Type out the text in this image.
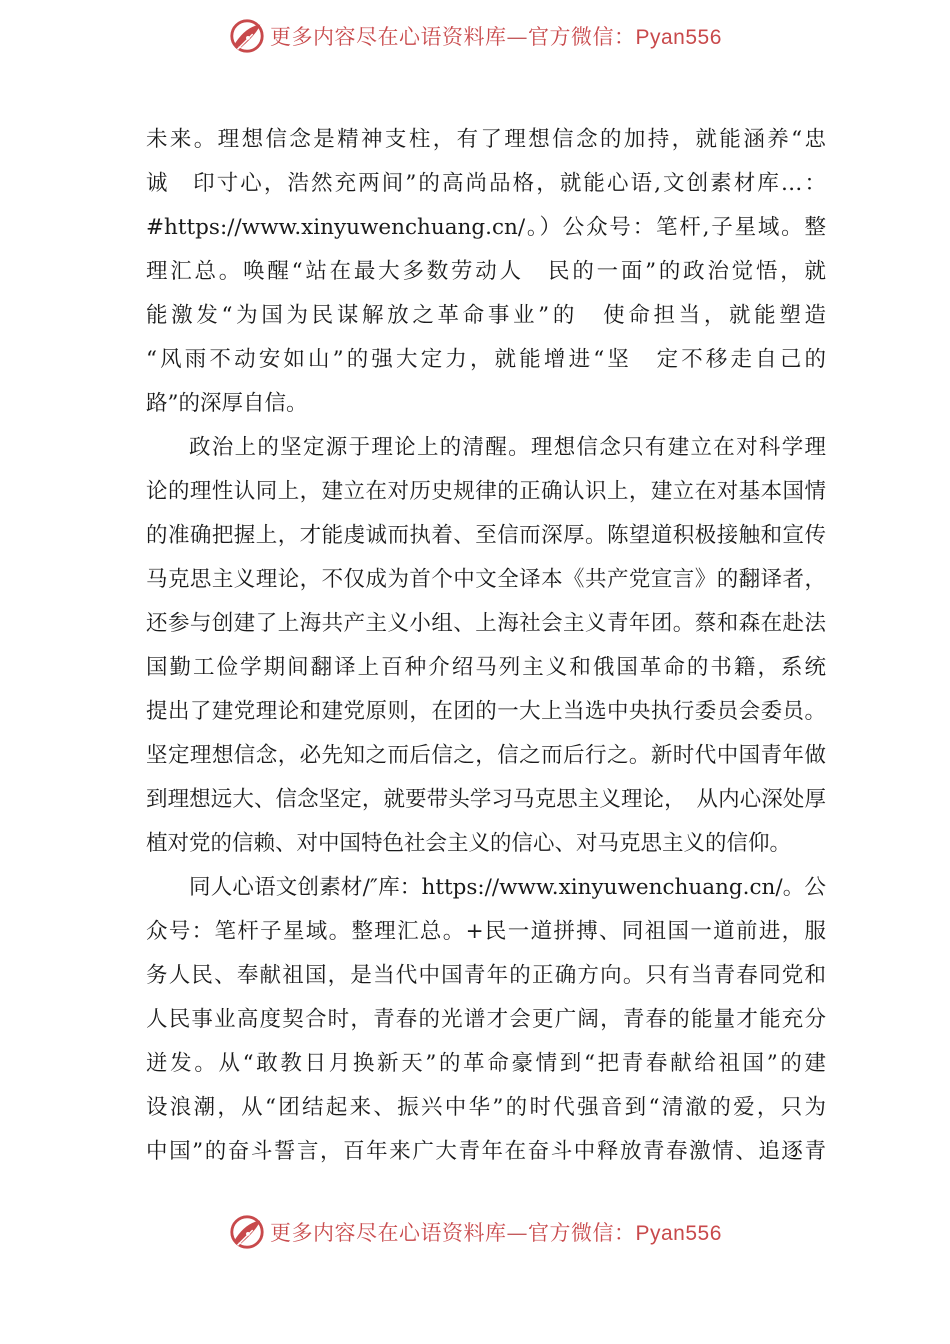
更多内容尽在心语资料库—官方微信：Pyan556
未来。理想信念是精神支柱，有了理想信念的加持，就能涵养“忠
诚　印寸心，浩然充两间”的高尚品格，就能心语,文创素材库…：
#https://www.xinyuwenchuang.cn/。）公众号：笔杆,子星域。整
理汇总。唤醒“站在最大多数劳动人　民的一面”的政治觉悟，就
能激发“为国为民谋解放之革命事业”的　使命担当，就能塑造
“风雨不动安如山”的强大定力，就能增进“坚　定不移走自己的
路”的深厚自信。
政治上的坚定源于理论上的清醒。理想信念只有建立在对科学理
论的理性认同上，建立在对历史规律的正确认识上，建立在对基本国情
的准确把握上，才能虔诚而执着、至信而深厚。陈望道积极接触和宣传
马克思主义理论，不仅成为首个中文全译本《共产党宣言》的翻译者，
还参与创建了上海共产主义小组、上海社会主义青年团。蔡和森在赴法
国勤工俭学期间翻译上百种介绍马列主义和俄国革命的书籍，系统
提出了建党理论和建党原则，在团的一大上当选中央执行委员会委员。
坚定理想信念，必先知之而后信之，信之而后行之。新时代中国青年做
到理想远大、信念坚定，就要带头学习马克思主义理论，　从内心深处厚
植对党的信赖、对中国特色社会主义的信心、对马克思主义的信仰。
同人心语文创素材/″库：https://www.xinyuwenchuang.cn/。公
众号：笔杆子星域。整理汇总。+民一道拼搏、同祖国一道前进，服
务人民、奉献祖国，是当代中国青年的正确方向。只有当青春同党和
人民事业高度契合时，青春的光谱才会更广阔，青春的能量才能充分
迸发。从“敢教日月换新天”的革命豪情到“把青春献给祖国”的建
设浪潮，从“团结起来、振兴中华”的时代强音到“清澈的爱，只为
中国”的奋斗誓言，百年来广大青年在奋斗中释放青春激情、追逐青
更多内容尽在心语资料库—官方微信：Pyan556
